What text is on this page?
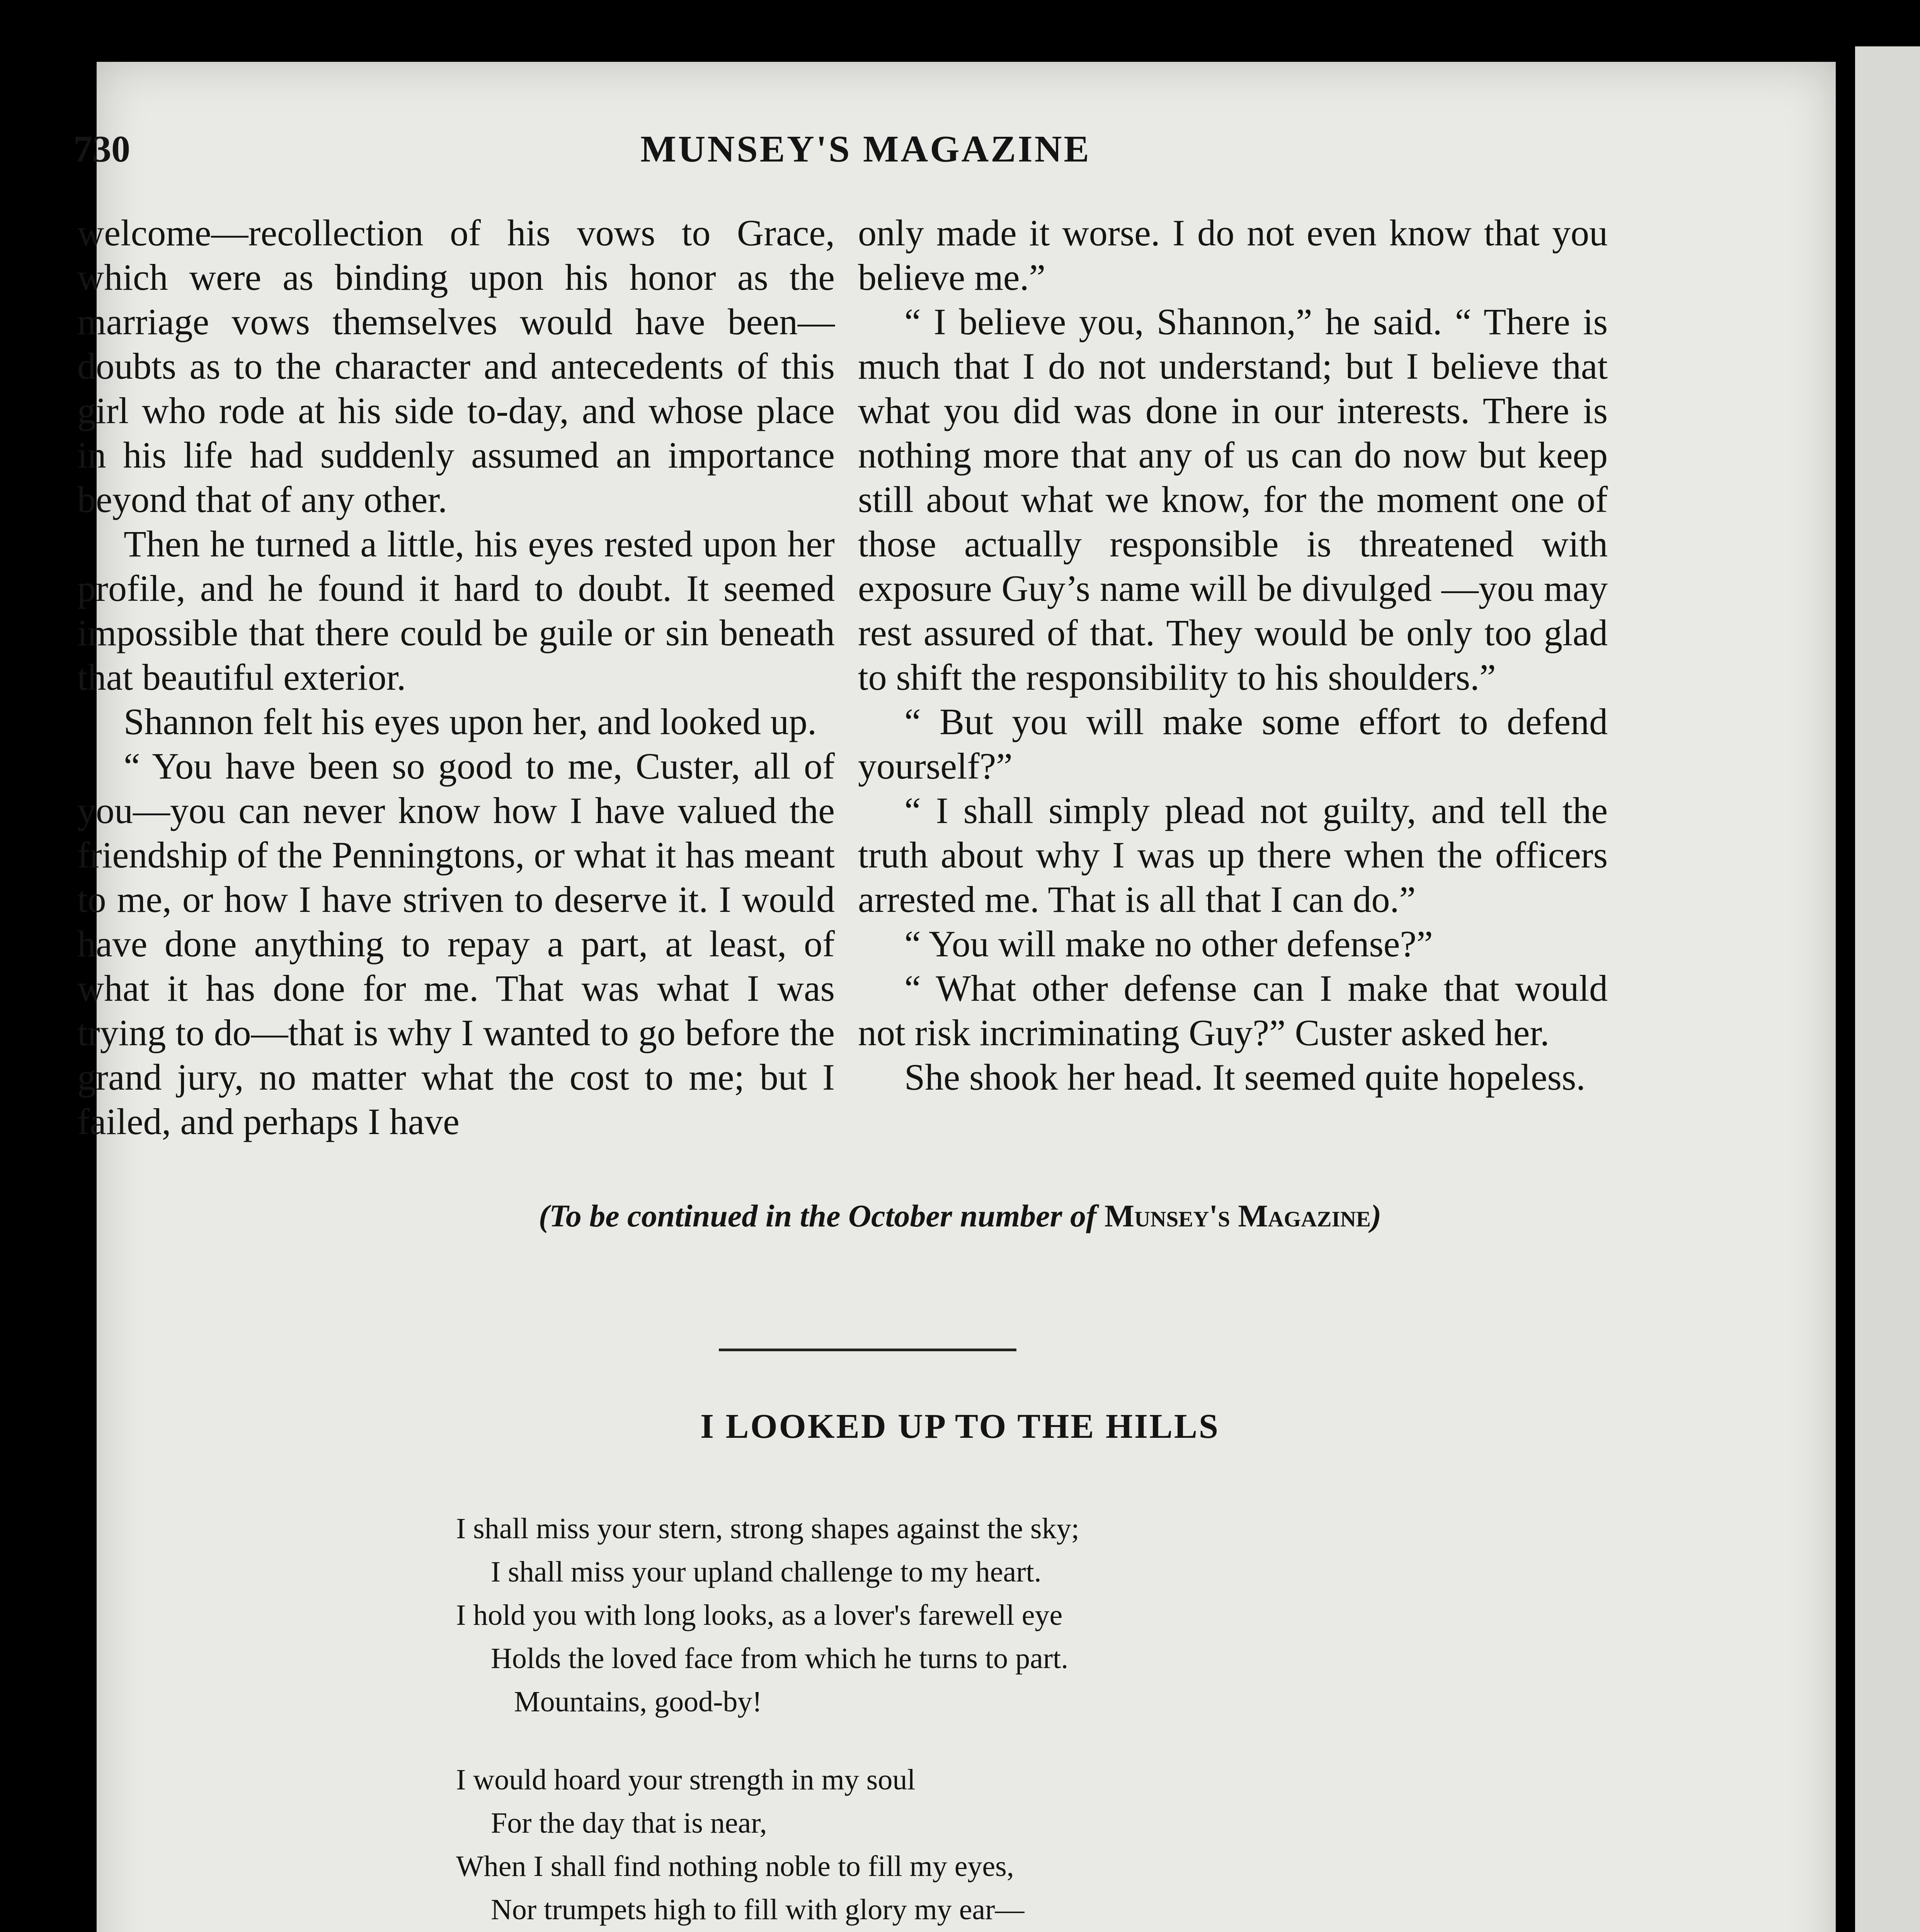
730	MUNSEY'S MAGAZINE

welcome—recollection of his vows to Grace, which were as binding upon his honor as the marriage vows themselves would have been—doubts as to the character and antecedents of this girl who rode at his side to-day, and whose place in his life had suddenly assumed an importance beyond that of any other.

Then he turned a little, his eyes rested upon her profile, and he found it hard to doubt. It seemed impossible that there could be guile or sin beneath that beautiful exterior.

Shannon felt his eyes upon her, and looked up.

“ You have been so good to me, Custer, all of you—you can never know how I have valued the friendship of the Penningtons, or what it has meant to me, or how I have striven to deserve it. I would have done anything to repay a part, at least, of what it has done for me. That was what I was trying to do—that is why I wanted to go before the grand jury, no matter what the cost to me; but I failed, and perhaps I have

only made it worse. I do not even know that you believe me.”

“ I believe you, Shannon,” he said. “ There is much that I do not understand; but I believe that what you did was done in our interests. There is nothing more that any of us can do now but keep still about what we know, for the moment one of those actually responsible is threatened with exposure Guy’s name will be divulged —you may rest assured of that. They would be only too glad to shift the responsibility to his shoulders.”

“ But you will make some effort to defend yourself?”

“ I shall simply plead not guilty, and tell the truth about why I was up there when the officers arrested me. That is all that I can do.”

“ You will make no other defense?”

“ What other defense can I make that would not risk incriminating Guy?” Custer asked her.

She shook her head. It seemed quite hopeless.

(To be continued in the October number of Munsey's Magazine)
I LOOKED UP TO THE HILLS
I shall miss your stern, strong shapes against the sky;
I shall miss your upland challenge to my heart.
I hold you with long looks, as a lover's farewell eye
Holds the loved face from which he turns to part.
Mountains, good-by!
I would hoard your strength in my soul
For the day that is near,
When I shall find nothing noble to fill my eyes,
Nor trumpets high to fill with glory my ear—
